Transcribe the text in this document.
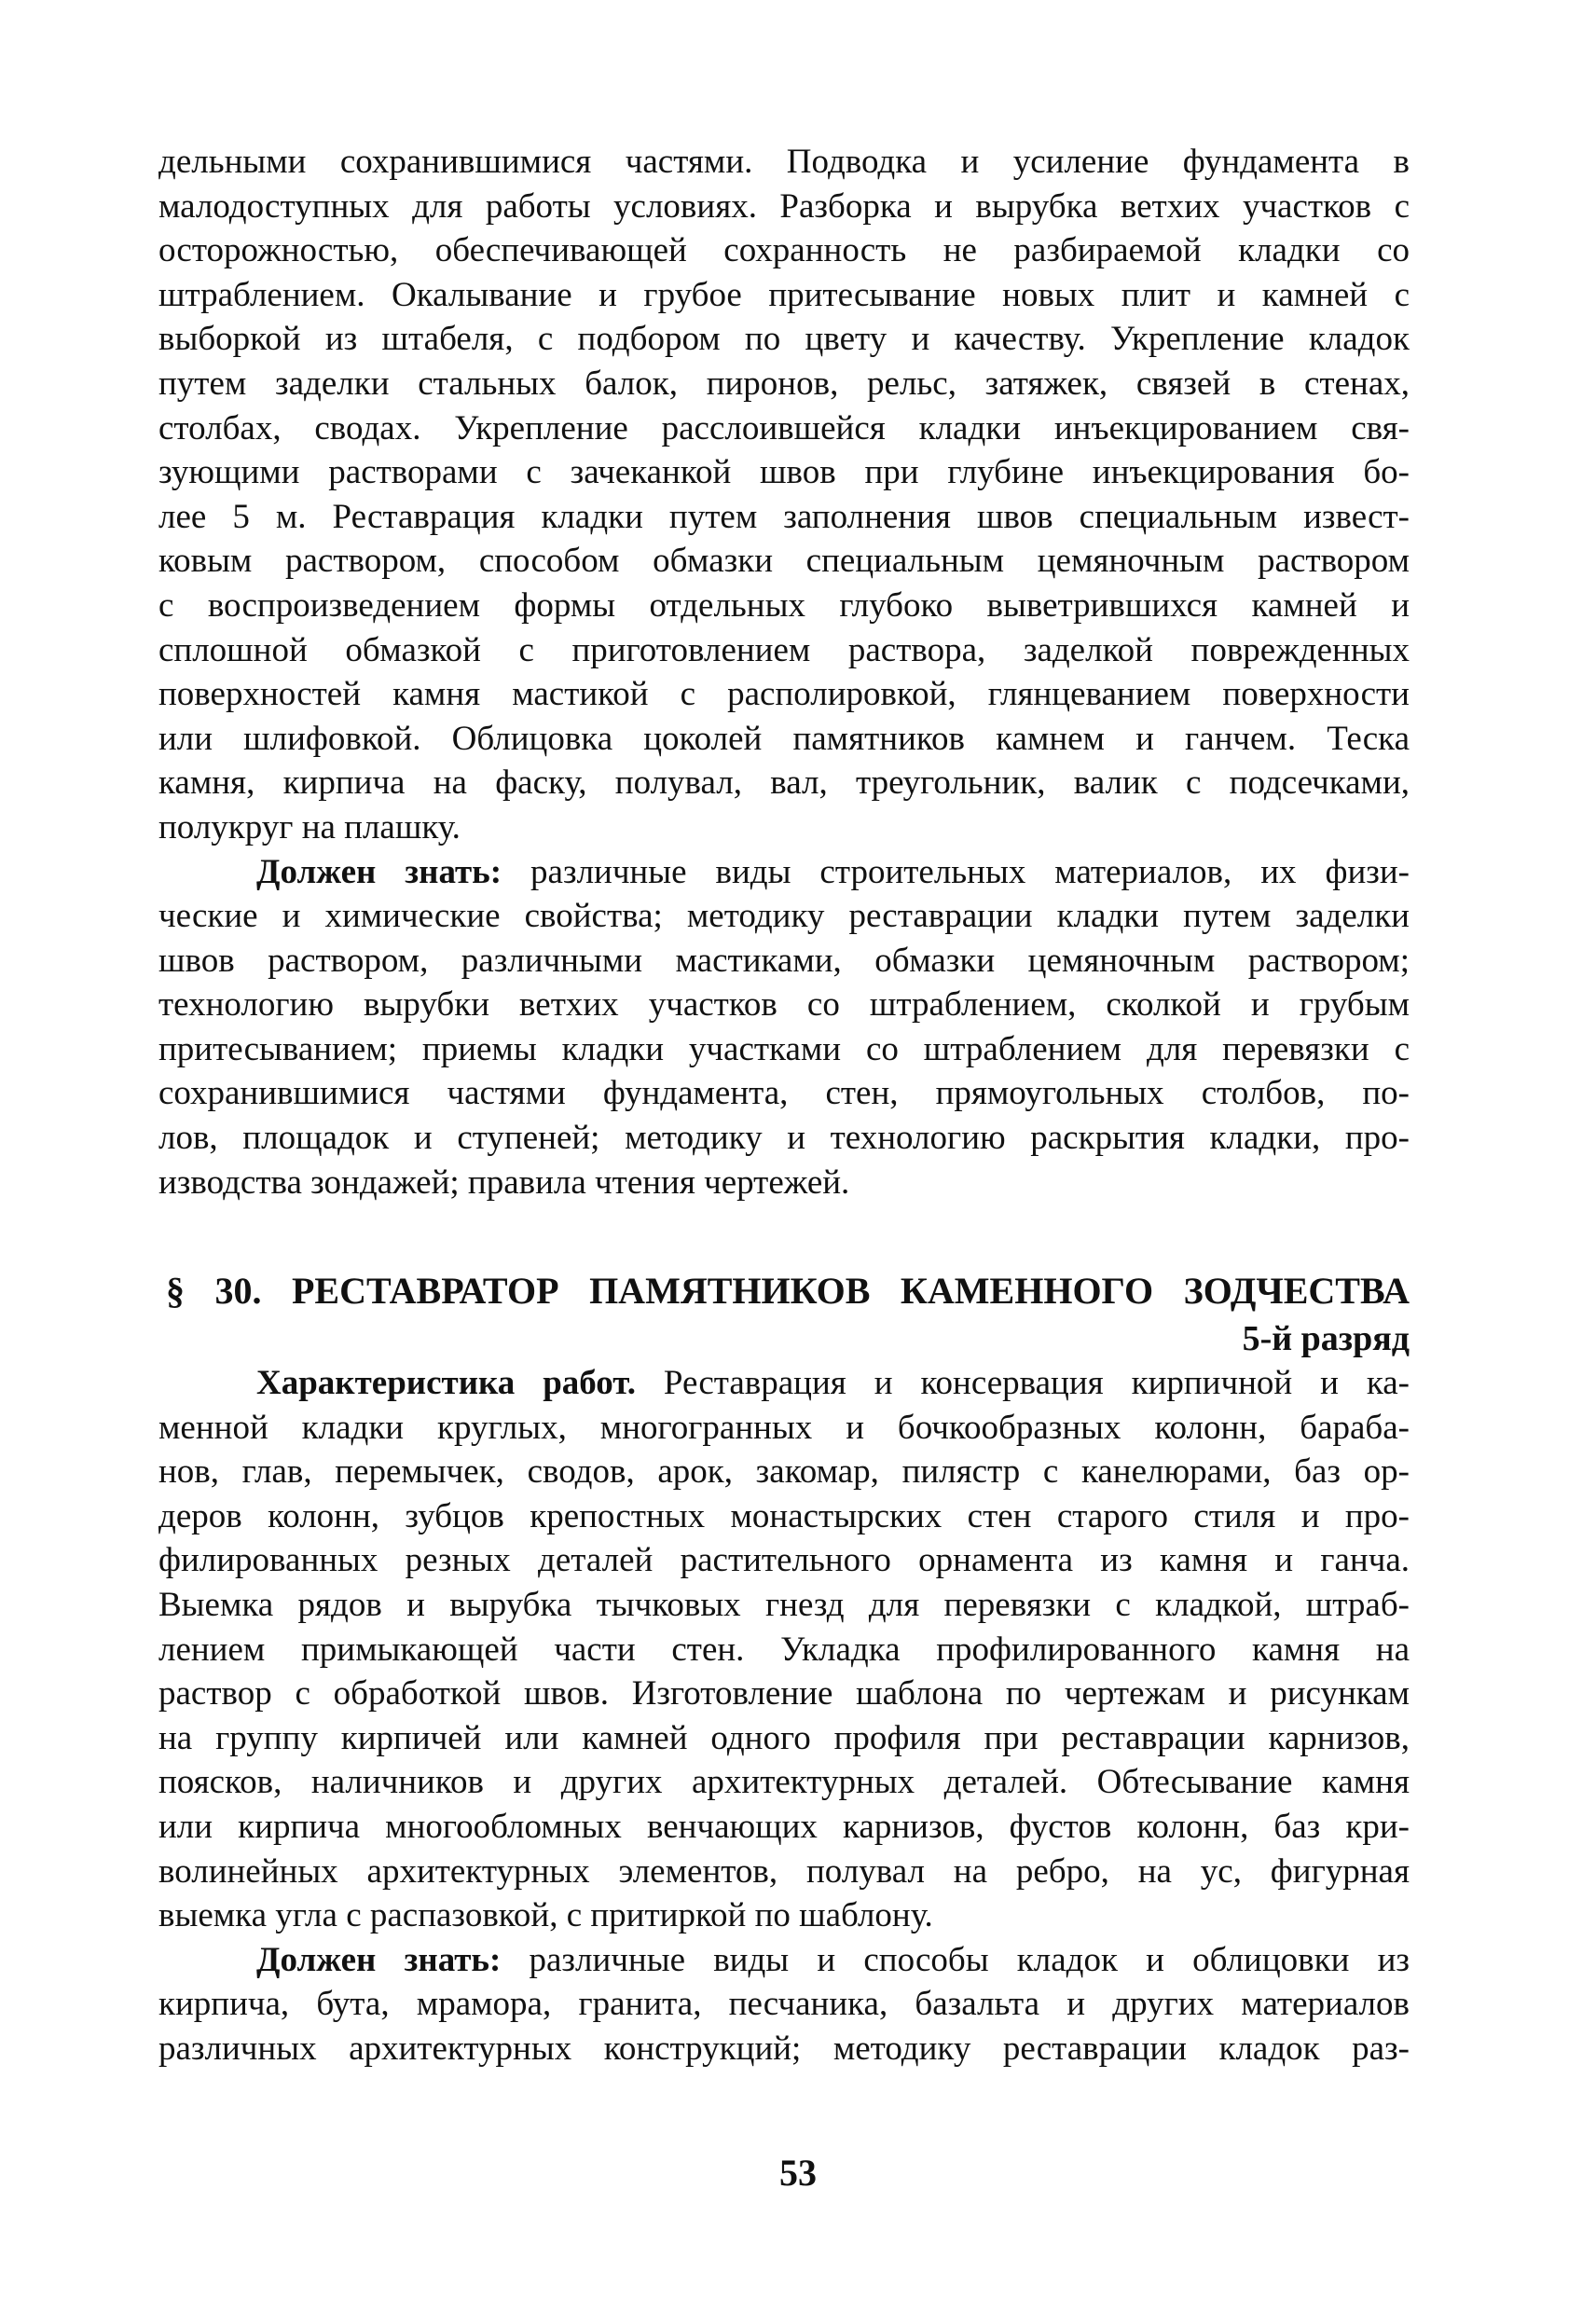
дельными сохранившимися частями. Подводка и усиление фундамента в
малодоступных для работы условиях. Разборка и вырубка ветхих участков с
осторожностью, обеспечивающей сохранность не разбираемой кладки со
штраблением. Окалывание и грубое притесывание новых плит и камней с
выборкой из штабеля, с подбором по цвету и качеству. Укрепление кладок
путем заделки стальных балок, пиронов, рельс, затяжек, связей в стенах,
столбах, сводах. Укрепление расслоившейся кладки инъекцированием свя-
зующими растворами с зачеканкой швов при глубине инъекцирования бо-
лее 5 м. Реставрация кладки путем заполнения швов специальным извест-
ковым раствором, способом обмазки специальным цемяночным раствором
с воспроизведением формы отдельных глубоко выветрившихся камней и
сплошной обмазкой с приготовлением раствора, заделкой поврежденных
поверхностей камня мастикой с располировкой, глянцеванием поверхности
или шлифовкой. Облицовка цоколей памятников камнем и ганчем. Теска
камня, кирпича на фаску, полувал, вал, треугольник, валик с подсечками,
полукруг на плашку.
Должен знать: различные виды строительных материалов, их физи-
ческие и химические свойства; методику реставрации кладки путем заделки
швов раствором, различными мастиками, обмазки цемяночным раствором;
технологию вырубки ветхих участков со штраблением, сколкой и грубым
притесыванием; приемы кладки участками со штраблением для перевязки с
сохранившимися частями фундамента, стен, прямоугольных столбов, по-
лов, площадок и ступеней; методику и технологию раскрытия кладки, про-
изводства зондажей; правила чтения чертежей.
§ 30. РЕСТАВРАТОР ПАМЯТНИКОВ КАМЕННОГО ЗОДЧЕСТВА
5-й разряд
Характеристика работ. Реставрация и консервация кирпичной и ка-
менной кладки круглых, многогранных и бочкообразных колонн, бараба-
нов, глав, перемычек, сводов, арок, закомар, пилястр с канелюрами, баз ор-
деров колонн, зубцов крепостных монастырских стен старого стиля и про-
филированных резных деталей растительного орнамента из камня и ганча.
Выемка рядов и вырубка тычковых гнезд для перевязки с кладкой, штраб-
лением примыкающей части стен. Укладка профилированного камня на
раствор с обработкой швов. Изготовление шаблона по чертежам и рисункам
на группу кирпичей или камней одного профиля при реставрации карнизов,
поясков, наличников и других архитектурных деталей. Обтесывание камня
или кирпича многообломных венчающих карнизов, фустов колонн, баз кри-
волинейных архитектурных элементов, полувал на ребро, на ус, фигурная
выемка угла с распазовкой, с притиркой по шаблону.
Должен знать: различные виды и способы кладок и облицовки из
кирпича, бута, мрамора, гранита, песчаника, базальта и других материалов
различных архитектурных конструкций; методику реставрации кладок раз-
53
